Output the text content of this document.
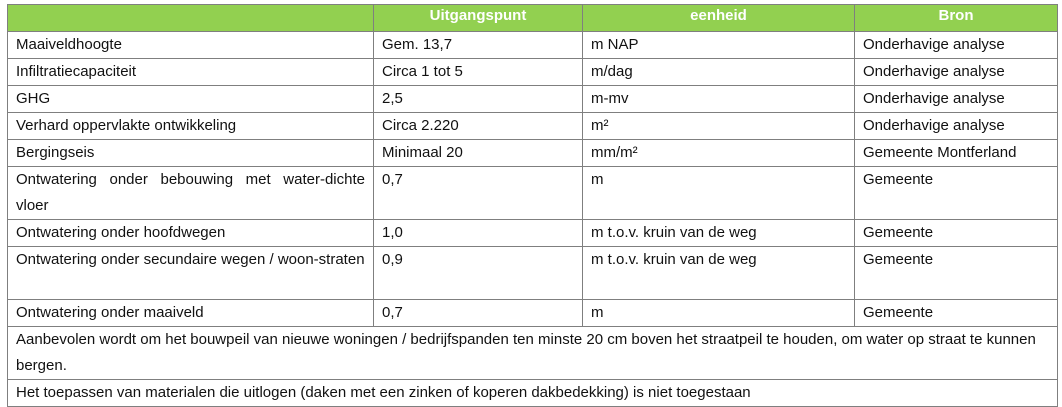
	Uitgangspunt	eenheid	Bron
Maaiveldhoogte	Gem. 13,7	m NAP	Onderhavige analyse
Infiltratiecapaciteit	Circa 1 tot 5	m/dag	Onderhavige analyse
GHG	2,5	m-mv	Onderhavige analyse
Verhard oppervlakte ontwikkeling	Circa 2.220	m²	Onderhavige analyse
Bergingseis	Minimaal 20	mm/m²	Gemeente Montferland
Ontwatering onder bebouwing met water-dichte vloer	0,7	m	Gemeente
Ontwatering onder hoofdwegen	1,0	m t.o.v. kruin van de weg	Gemeente
Ontwatering onder secundaire wegen / woon-straten	0,9	m t.o.v. kruin van de weg	Gemeente
Ontwatering onder maaiveld	0,7	m	Gemeente
Aanbevolen wordt om het bouwpeil van nieuwe woningen / bedrijfspanden ten minste 20 cm boven het straatpeil te houden, om water op straat te kunnen bergen.			
Het toepassen van materialen die uitlogen (daken met een zinken of koperen dakbedekking) is niet toegestaan			
